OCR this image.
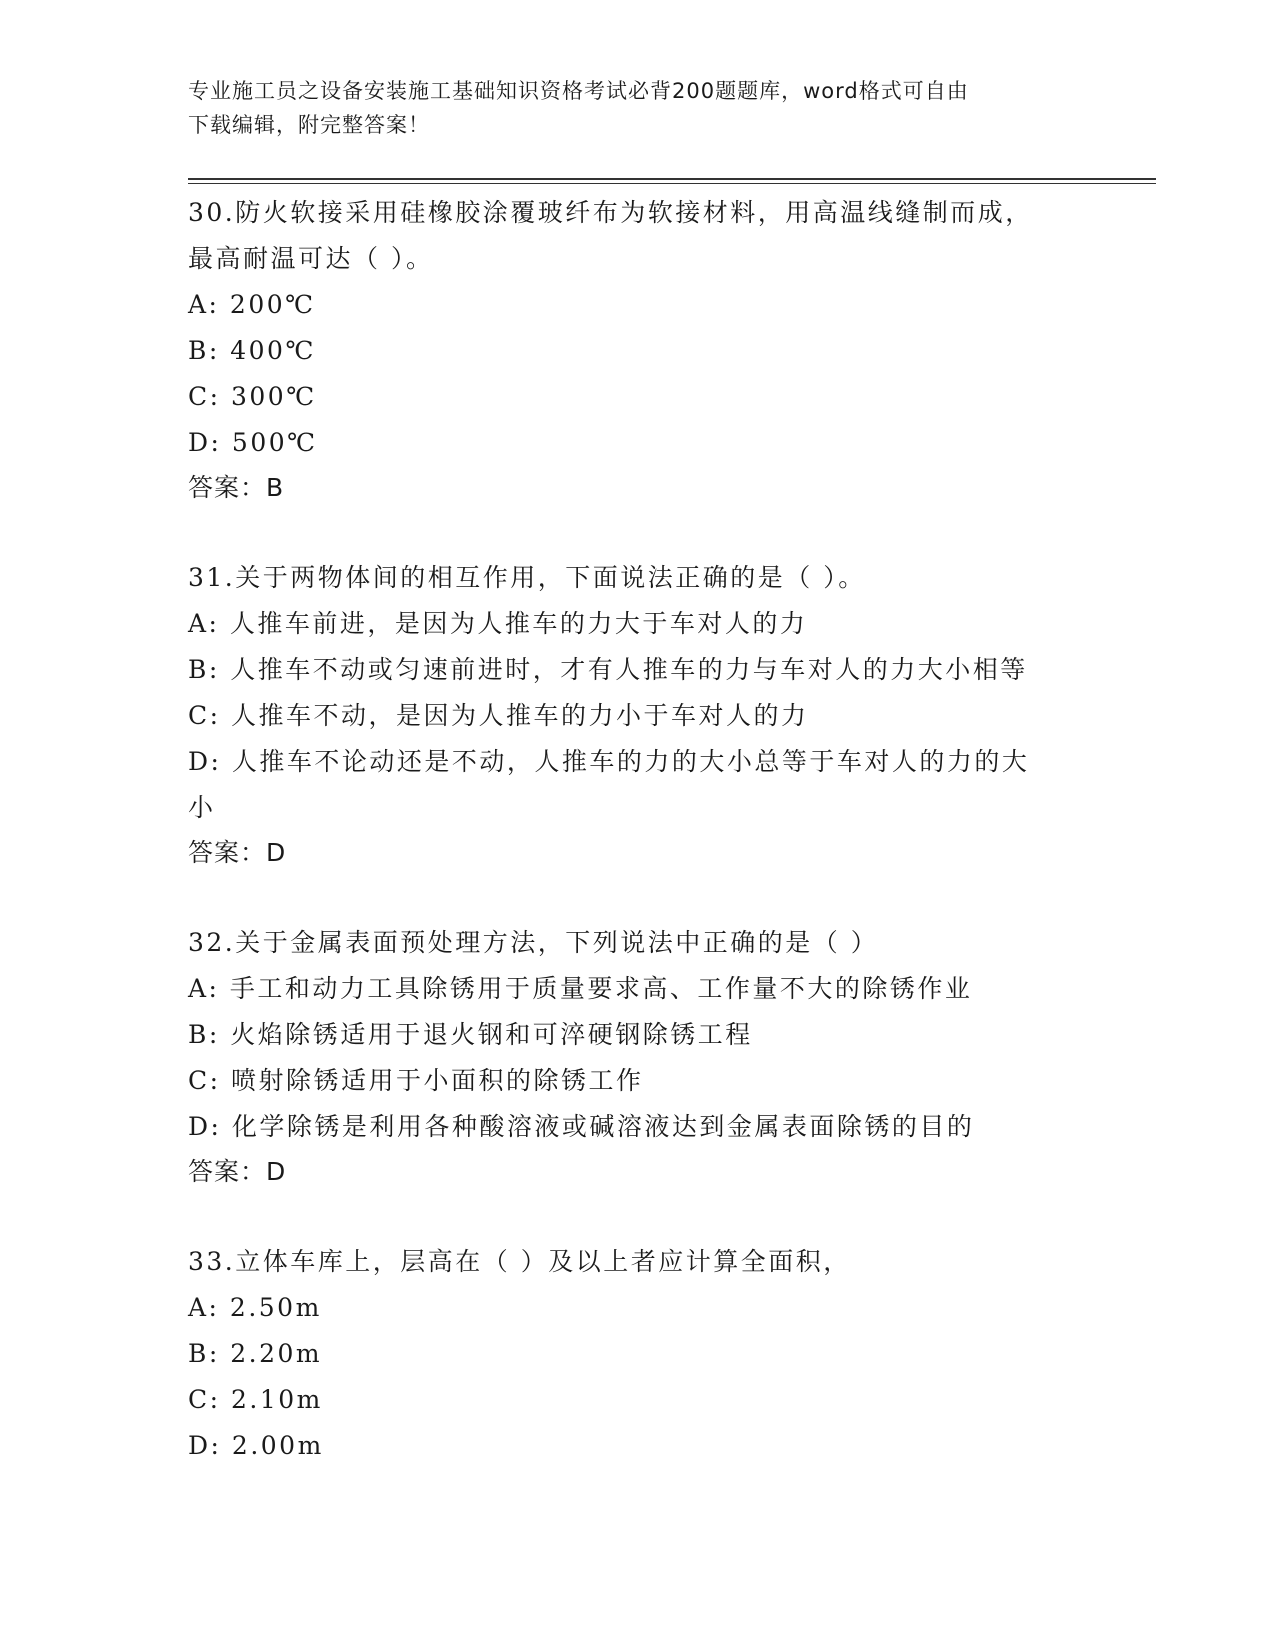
专业施工员之设备安装施工基础知识资格考试必背200题题库，word格式可自由
下载编辑，附完整答案！

30.防火软接采用硅橡胶涂覆玻纤布为软接材料，用高温线缝制而成，

最高耐温可达（ ）。

A: 200℃

B: 400℃

C: 300℃

D: 500℃

答案：B

31.关于两物体间的相互作用，下面说法正确的是（ ）。

A: 人推车前进，是因为人推车的力大于车对人的力

B: 人推车不动或匀速前进时，才有人推车的力与车对人的力大小相等

C: 人推车不动，是因为人推车的力小于车对人的力

D: 人推车不论动还是不动，人推车的力的大小总等于车对人的力的大

小

答案：D

32.关于金属表面预处理方法，下列说法中正确的是（ ）

A: 手工和动力工具除锈用于质量要求高、工作量不大的除锈作业

B: 火焰除锈适用于退火钢和可淬硬钢除锈工程

C: 喷射除锈适用于小面积的除锈工作

D: 化学除锈是利用各种酸溶液或碱溶液达到金属表面除锈的目的

答案：D

33.立体车库上，层高在（ ）及以上者应计算全面积，

A: 2.50m

B: 2.20m

C: 2.10m

D: 2.00m
